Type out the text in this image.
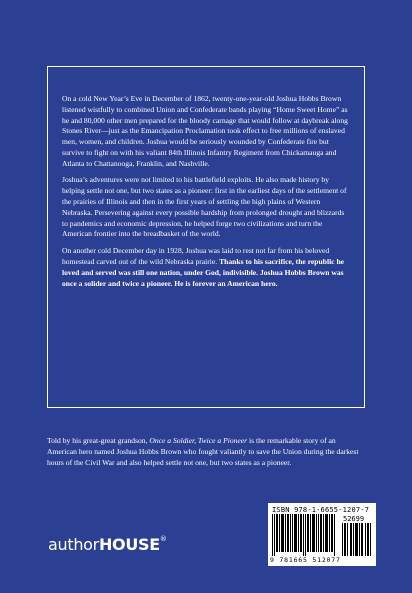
On a cold New Year’s Eve in December of 1862, twenty-one-year-old Joshua Hobbs Brown listened wistfully to combined Union and Confederate bands playing “Home Sweet Home” as he and 80,000 other men prepared for the bloody carnage that would follow at daybreak along Stones River—just as the Emancipation Proclamation took effect to free millions of enslaved men, women, and children. Joshua would be seriously wounded by Confederate fire but survive to fight on with his valiant 84th Illinois Infantry Regiment from Chickamauga and Atlanta to Chattanooga, Franklin, and Nashville.

Joshua’s adventures were not limited to his battlefield exploits. He also made history by helping settle not one, but two states as a pioneer: first in the earliest days of the settlement of the prairies of Illinois and then in the first years of settling the high plains of Western Nebraska. Persevering against every possible hardship from prolonged drought and blizzards to pandemics and economic depression, he helped forge two civilizations and turn the American frontier into the breadbasket of the world.

On another cold December day in 1928, Joshua was laid to rest not far from his beloved homestead carved out of the wild Nebraska prairie. Thanks to his sacrifice, the republic he loved and served was still one nation, under God, indivisible. Joshua Hobbs Brown was once a solider and twice a pioneer. He is forever an American hero.

Told by his great-great grandson, Once a Soldier, Twice a Pioneer is the remarkable story of an American hero named Joshua Hobbs Brown who fought valiantly to save the Union during the darkest hours of the Civil War and also helped settle not one, but two states as a pioneer.
authorHOUSE®
ISBN 978-1-6655-1207-7
52699
9 781665 512077
